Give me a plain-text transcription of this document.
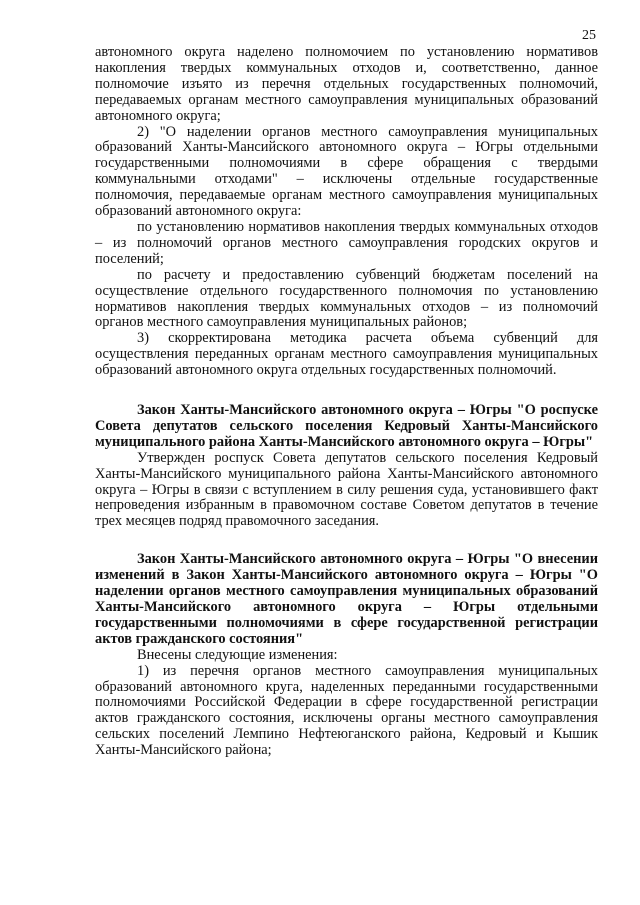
25

автономного округа наделено полномочием по установлению нормативов накопления твердых коммунальных отходов и, соответственно, данное полномочие изъято из перечня отдельных государственных полномочий, передаваемых органам местного самоуправления муниципальных образований автономного округа;

2) "О наделении органов местного самоуправления муниципальных образований Ханты-Мансийского автономного округа – Югры отдельными государственными полномочиями в сфере обращения с твердыми коммунальными отходами" – исключены отдельные государственные полномочия, передаваемые органам местного самоуправления муниципальных образований автономного округа:

по установлению нормативов накопления твердых коммунальных отходов – из полномочий органов местного самоуправления городских округов и поселений;

по расчету и предоставлению субвенций бюджетам поселений на осуществление отдельного государственного полномочия по установлению нормативов накопления твердых коммунальных отходов – из полномочий органов местного самоуправления муниципальных районов;

3) скорректирована методика расчета объема субвенций для осуществления переданных органам местного самоуправления муниципальных образований автономного округа отдельных государственных полномочий.

Закон Ханты-Мансийского автономного округа – Югры "О роспуске Совета депутатов сельского поселения Кедровый Ханты-Мансийского муниципального района Ханты-Мансийского автономного округа – Югры"

Утвержден роспуск Совета депутатов сельского поселения Кедровый Ханты-Мансийского муниципального района Ханты-Мансийского автономного округа – Югры в связи с вступлением в силу решения суда, установившего факт непроведения избранным в правомочном составе Советом депутатов в течение трех месяцев подряд правомочного заседания.

Закон Ханты-Мансийского автономного округа – Югры "О внесении изменений в Закон Ханты-Мансийского автономного округа – Югры "О наделении органов местного самоуправления муниципальных образований Ханты-Мансийского автономного округа – Югры отдельными государственными полномочиями в сфере государственной регистрации актов гражданского состояния"

Внесены следующие изменения:

1) из перечня органов местного самоуправления муниципальных образований автономного круга, наделенных переданными государственными полномочиями Российской Федерации в сфере государственной регистрации актов гражданского состояния, исключены органы местного самоуправления сельских поселений Лемпино Нефтеюганского района, Кедровый и Кышик Ханты-Мансийского района;
